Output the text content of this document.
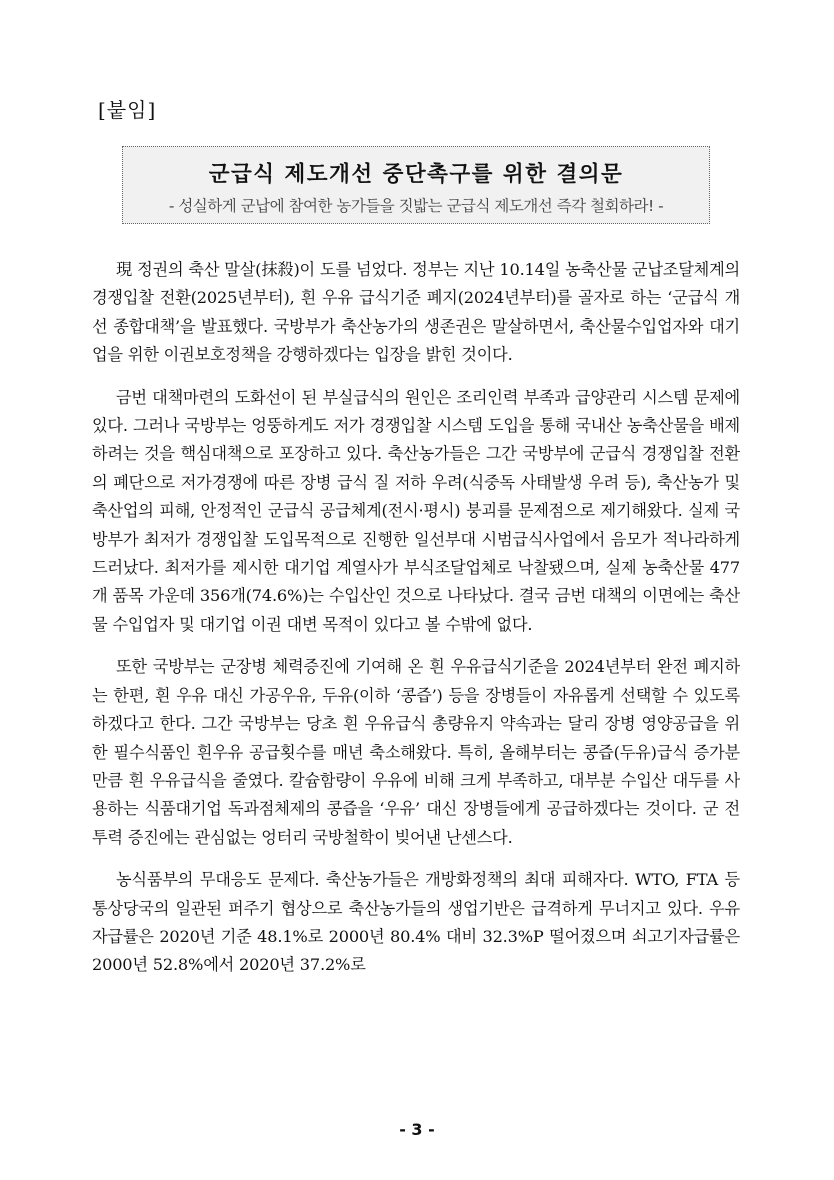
[붙임]
군급식 제도개선 중단촉구를 위한 결의문
- 성실하게 군납에 참여한 농가들을 짓밟는 군급식 제도개선 즉각 철회하라! -

現 정권의 축산 말살(抹殺)이 도를 넘었다. 정부는 지난 10.14일 농축산물 군납조달체계의 경쟁입찰 전환(2025년부터), 흰 우유 급식기준 폐지(2024년부터)를 골자로 하는 ‘군급식 개선 종합대책’을 발표했다. 국방부가 축산농가의 생존권은 말살하면서, 축산물수입업자와 대기업을 위한 이권보호정책을 강행하겠다는 입장을 밝힌 것이다.

금번 대책마련의 도화선이 된 부실급식의 원인은 조리인력 부족과 급양관리 시스템 문제에 있다. 그러나 국방부는 엉뚱하게도 저가 경쟁입찰 시스템 도입을 통해 국내산 농축산물을 배제하려는 것을 핵심대책으로 포장하고 있다. 축산농가들은 그간 국방부에 군급식 경쟁입찰 전환의 폐단으로 저가경쟁에 따른 장병 급식 질 저하 우려(식중독 사태발생 우려 등), 축산농가 및 축산업의 피해, 안정적인 군급식 공급체계(전시·평시) 붕괴를 문제점으로 제기해왔다. 실제 국방부가 최저가 경쟁입찰 도입목적으로 진행한 일선부대 시범급식사업에서 음모가 적나라하게 드러났다. 최저가를 제시한 대기업 계열사가 부식조달업체로 낙찰됐으며, 실제 농축산물 477개 품목 가운데 356개(74.6%)는 수입산인 것으로 나타났다. 결국 금번 대책의 이면에는 축산물 수입업자 및 대기업 이권 대변 목적이 있다고 볼 수밖에 없다.

또한 국방부는 군장병 체력증진에 기여해 온 흰 우유급식기준을 2024년부터 완전 폐지하는 한편, 흰 우유 대신 가공우유, 두유(이하 ‘콩즙’) 등을 장병들이 자유롭게 선택할 수 있도록 하겠다고 한다. 그간 국방부는 당초 흰 우유급식 총량유지 약속과는 달리 장병 영양공급을 위한 필수식품인 흰우유 공급횟수를 매년 축소해왔다. 특히, 올해부터는 콩즙(두유)급식 증가분만큼 흰 우유급식을 줄였다. 칼슘함량이 우유에 비해 크게 부족하고, 대부분 수입산 대두를 사용하는 식품대기업 독과점체제의 콩즙을 ‘우유’ 대신 장병들에게 공급하겠다는 것이다. 군 전투력 증진에는 관심없는 엉터리 국방철학이 빚어낸 난센스다.

농식품부의 무대응도 문제다. 축산농가들은 개방화정책의 최대 피해자다. WTO, FTA 등 통상당국의 일관된 퍼주기 협상으로 축산농가들의 생업기반은 급격하게 무너지고 있다. 우유자급률은 2020년 기준 48.1%로 2000년 80.4% 대비 32.3%P 떨어졌으며 쇠고기자급률은 2000년 52.8%에서 2020년 37.2%로

- 3 -
